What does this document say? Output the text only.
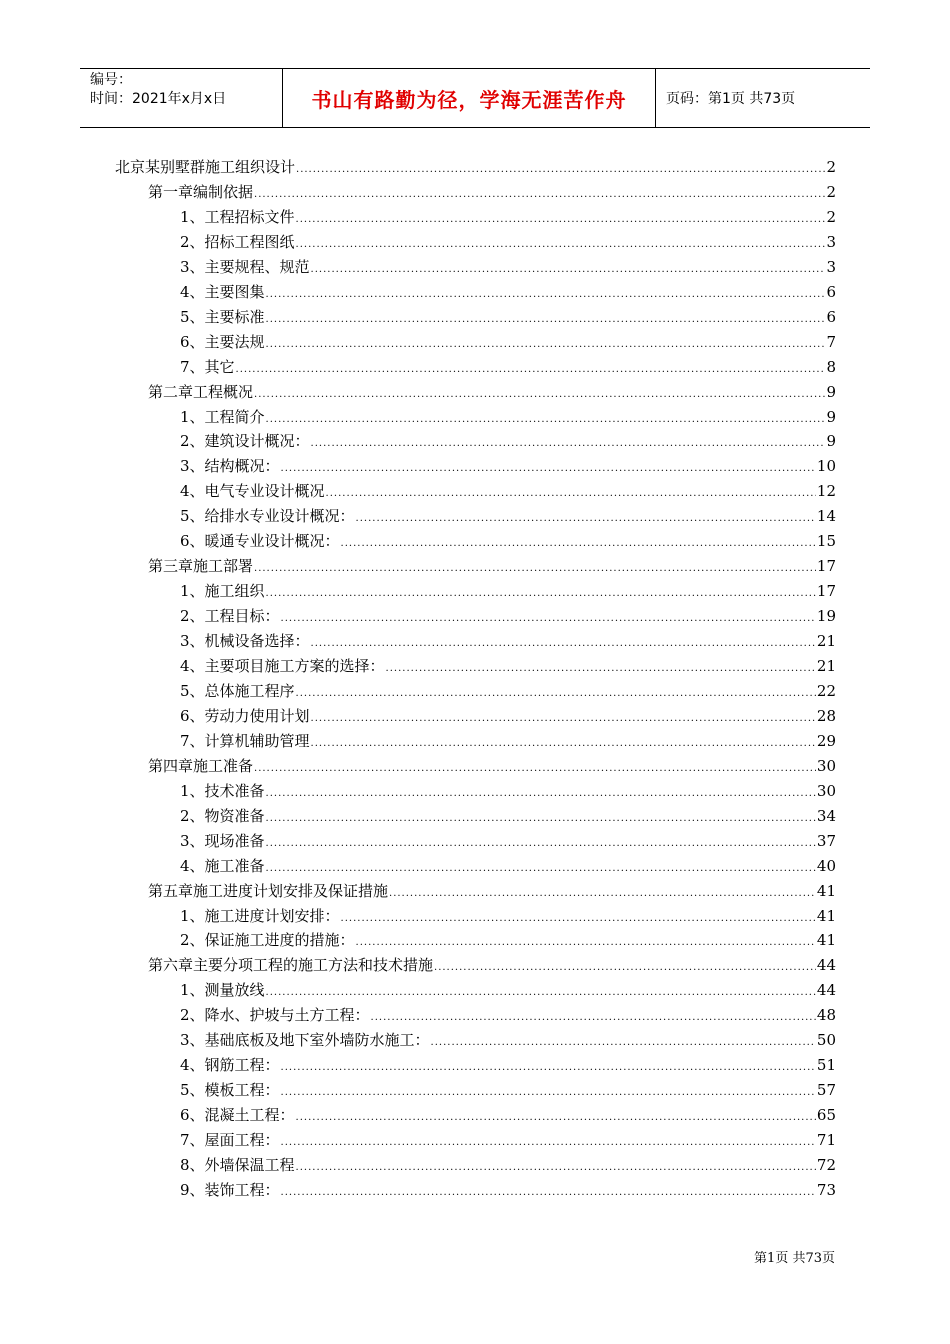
编号：
时间：2021年x月x日	书山有路勤为径，学海无涯苦作舟	页码：第1页 共73页
北京某别墅群施工组织设计 .....	2
第一章编制依据 .....	2
1、工程招标文件 .....	2
2、招标工程图纸 .....	3
3、主要规程、规范 .....	3
4、主要图集 .....	6
5、主要标准 .....	6
6、主要法规 .....	7
7、其它 .....	8
第二章工程概况 .....	9
1、工程简介 .....	9
2、建筑设计概况： .....	9
3、结构概况： .....	10
4、电气专业设计概况 .....	12
5、给排水专业设计概况： .....	14
6、暖通专业设计概况： .....	15
第三章施工部署 .....	17
1、施工组织 .....	17
2、工程目标： .....	19
3、机械设备选择： .....	21
4、主要项目施工方案的选择： .....	21
5、总体施工程序 .....	22
6、劳动力使用计划 .....	28
7、计算机辅助管理 .....	29
第四章施工准备 .....	30
1、技术准备 .....	30
2、物资准备 .....	34
3、现场准备 .....	37
4、施工准备 .....	40
第五章施工进度计划安排及保证措施 .....	41
1、施工进度计划安排： .....	41
2、保证施工进度的措施： .....	41
第六章主要分项工程的施工方法和技术措施 .....	44
1、测量放线 .....	44
2、降水、护坡与土方工程： .....	48
3、基础底板及地下室外墙防水施工： .....	50
4、钢筋工程： .....	51
5、模板工程： .....	57
6、混凝土工程： .....	65
7、屋面工程： .....	71
8、外墙保温工程 .....	72
9、装饰工程： .....	73
第1页 共73页
